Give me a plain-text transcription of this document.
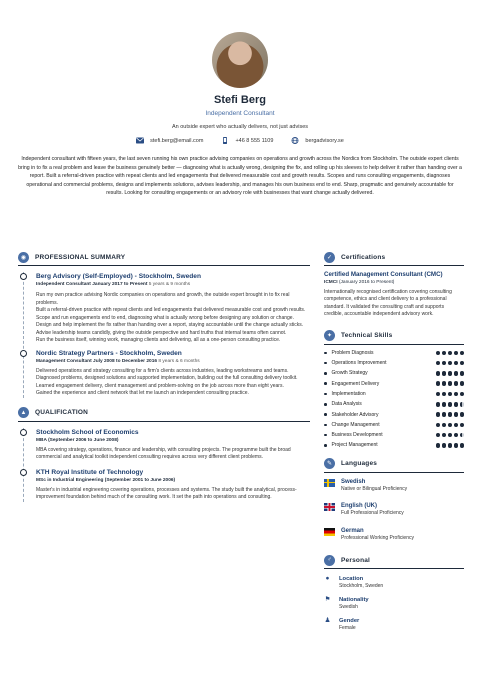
Stefi Berg
Independent Consultant
An outside expert who actually delivers, not just advises
stefi.berg@email.com	+46 8 555 1109	bergadvisory.se

Independent consultant with fifteen years, the last seven running his own practice advising companies on operations and growth across the Nordics from Stockholm. The outside expert clients bring in to fix a real problem and leave the business genuinely better — diagnosing what is actually wrong, designing the fix, and rolling up his sleeves to help deliver it rather than handing over a report. Built a referral-driven practice with repeat clients and led engagements that delivered measurable cost and growth results. Scopes and runs consulting engagements, diagnoses operational and commercial problems, designs and implements solutions, advises leadership, and manages his own business end to end. Sharp, pragmatic and genuinely accountable for results. Looking for consulting engagements or an advisory role with businesses that want change actually delivered.

◉	PROFESSIONAL SUMMARY
Berg Advisory (Self-Employed) - Stockholm, Sweden
Independent Consultant January 2017 to Present 5 years & 9 months

Run my own practice advising Nordic companies on operations and growth, the outside expert brought in to fix real problems.

Built a referral-driven practice with repeat clients and led engagements that delivered measurable cost and growth results.

Scope and run engagements end to end, diagnosing what is actually wrong before designing any solution or change.

Design and help implement the fix rather than handing over a report, staying accountable until the change actually sticks.

Advise leadership teams candidly, giving the outside perspective and hard truths that internal teams often cannot.

Run the business itself, winning work, managing clients and delivering, all as a one-person consulting practice.

Nordic Strategy Partners - Stockholm, Sweden
Management Consultant July 2008 to December 2016 8 years & 6 months

Delivered operations and strategy consulting for a firm's clients across industries, leading workstreams and teams.

Diagnosed problems, designed solutions and supported implementation, building out the full consulting delivery toolkit.

Learned engagement delivery, client management and problem-solving on the job across more than eight years.

Gained the experience and client network that let me launch an independent consulting practice.

▲	QUALIFICATION
Stockholm School of Economics
MBA (September 2006 to June 2008)

MBA covering strategy, operations, finance and leadership, with consulting projects. The programme built the broad commercial and analytical toolkit independent consulting requires across very different client problems.

KTH Royal Institute of Technology
MSc in Industrial Engineering (September 2001 to June 2006)

Master's in industrial engineering covering operations, processes and systems. The study built the analytical, process-improvement foundation behind much of the consulting work. It set the path into operations and consulting.

✓	Certifications
Certified Management Consultant (CMC)
ICMCI (January 2016 to Present)

Internationally recognised certification covering consulting competence, ethics and client delivery to a professional standard. It validated the consulting craft and supports credible, accountable independent advisory work.

✦	Technical Skills
Problem Diagnosis
Operations Improvement
Growth Strategy
Engagement Delivery
Implementation
Data Analysis
Stakeholder Advisory
Change Management
Business Development
Project Management
✎	Languages
Swedish
Native or Bilingual Proficiency
English (UK)
Full Professional Proficiency
German
Professional Working Proficiency
♂	Personal
● Location
Stockholm, Sweden
⚑ Nationality
Swedish
♟ Gender
Female
